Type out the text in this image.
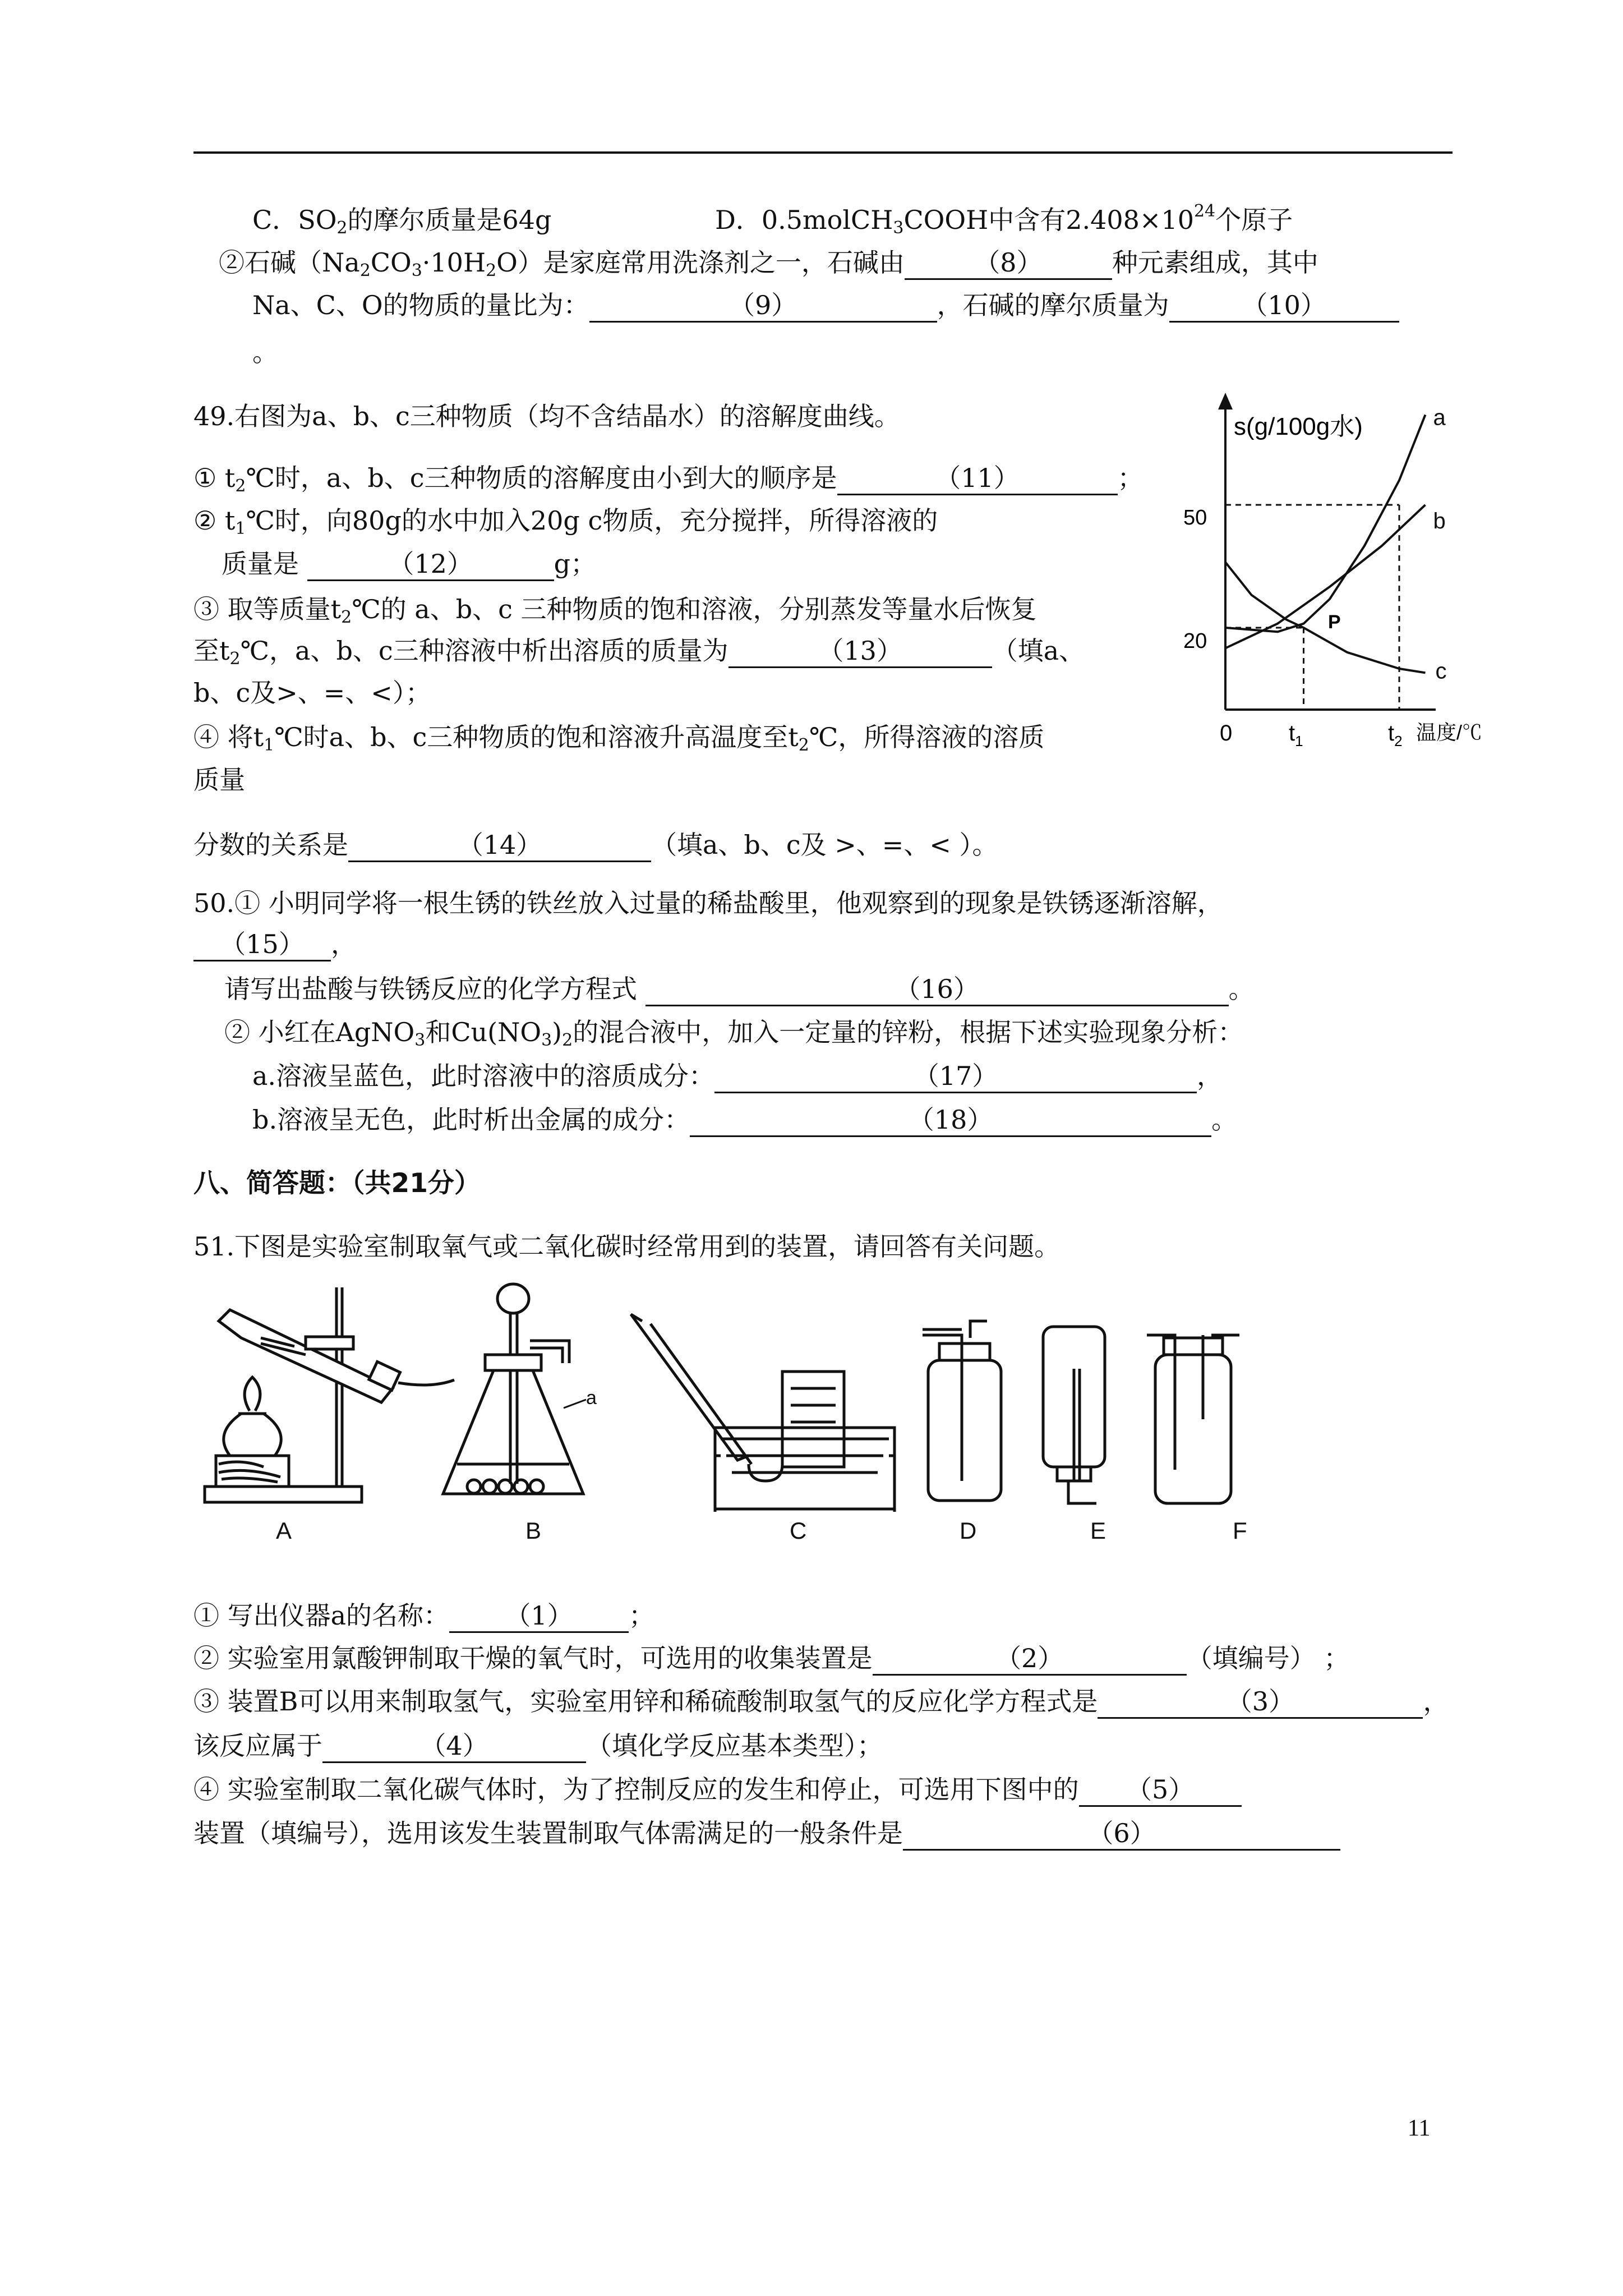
C．$SO_2$的摩尔质量是64g	D．0.5molCH$_3$COOH中含有$2.408\times 10^{24}$个原子
②石碱$(Na_2CO_3\cdot 10H_2O)$是家庭常用洗涤剂之一，石碱由	（8）	种元素组成，其中
Na、C、O的物质的量比为：	（9）	，石碱的摩尔质量为	（10）
。
49.右图为a、b、c三种物质（均不含结晶水）的溶解度曲线。
① $t_2℃$时，a、b、c三种物质的溶解度由小到大的顺序是	（11）	；
② $t_1℃$时，向80g的水中加入20g c物质，充分搅拌，所得溶液的
质量是	（12）	g；
③ 取等质量$t_2℃$的 a、b、c 三种物质的饱和溶液，分别蒸发等量水后恢复
至$t_2℃$，a、b、c三种溶液中析出溶质的质量为	（13）	（填a、
b、c及>、=、<）；
④ 将$t_1℃$时a、b、c三种物质的饱和溶液升高温度至$t_2℃$，所得溶液的溶质
质量
分数的关系是	（14）	（填a、b、c及 >、=、< ）。
s(g/100g水)
50
20
0	$t_1$	$t_2$ 温度/℃
P
a
b
c
50.① 小明同学将一根生锈的铁丝放入过量的稀盐酸里，他观察到的现象是铁锈逐渐溶解，
（15） ，
请写出盐酸与铁锈反应的化学方程式	（16）	。
② 小红在AgNO$_3$和$Cu(NO_3)_2$的混合液中，加入一定量的锌粉，根据下述实验现象分析：
a.溶液呈蓝色，此时溶液中的溶质成分：	（17）	，
b.溶液呈无色，此时析出金属的成分：	（18）	。
八、简答题：（共21分）
51.下图是实验室制取氧气或二氧化碳时经常用到的装置，请回答有关问题。
a
A	B	C	D	E	F
① 写出仪器a的名称： （1） ；
② 实验室用氯酸钾制取干燥的氧气时，可选用的收集装置是	（2）	（填编号） ；
③ 装置B可以用来制取氢气，实验室用锌和稀硫酸制取氢气的反应化学方程式是	（3）	，
该反应属于	（4）	（填化学反应基本类型）；
④ 实验室制取二氧化碳气体时，为了控制反应的发生和停止，可选用下图中的 （5）
装置（填编号），选用该发生装置制取气体需满足的一般条件是	（6）
11
